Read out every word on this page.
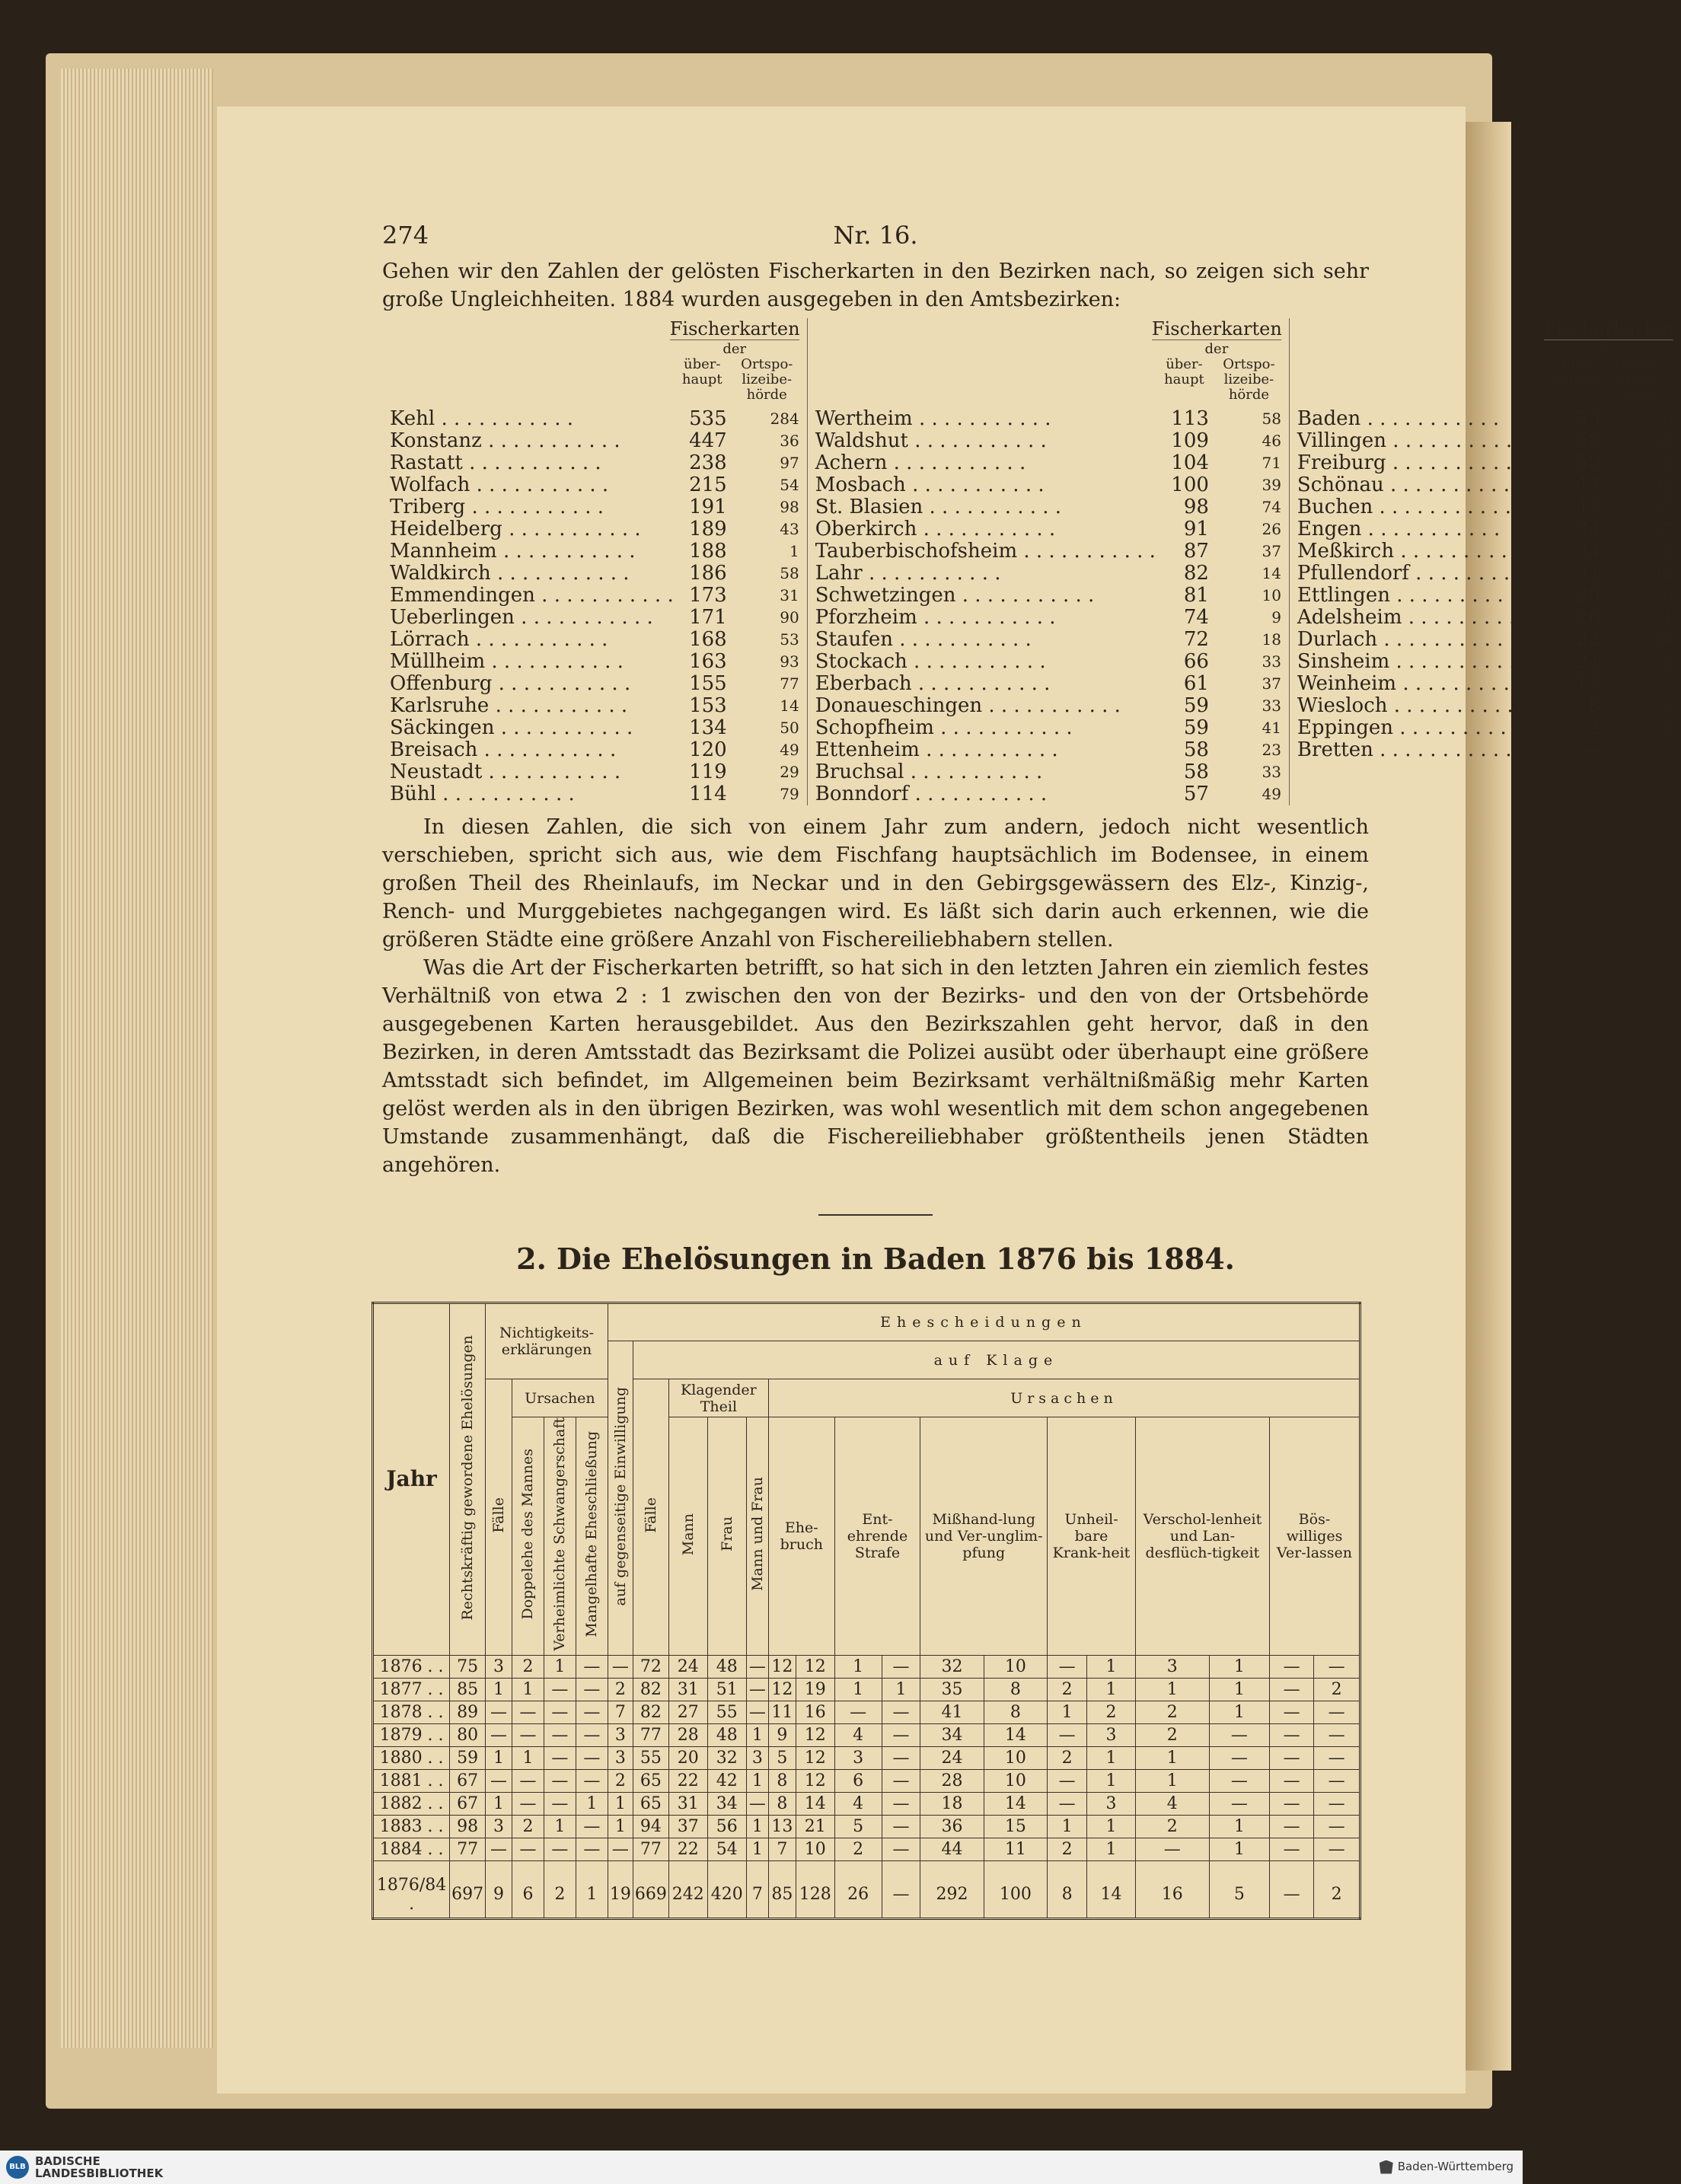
274	Nr. 16.

Gehen wir den Zahlen der gelösten Fischerkarten in den Bezirken nach, so zeigen sich sehr große Ungleichheiten. 1884 wurden ausgegeben in den Amtsbezirken:

Fischerkarten
der
über-haupt
Ortspo-lizeibe-hörde
Kehl . . .	535	284
Konstanz . . .	447	36
Rastatt . . .	238	97
Wolfach . . .	215	54
Triberg . . .	191	98
Heidelberg . . .	189	43
Mannheim . . .	188	1
Waldkirch . . .	186	58
Emmendingen . . .	173	31
Ueberlingen . . .	171	90
Lörrach . . .	168	53
Müllheim . . .	163	93
Offenburg . . .	155	77
Karlsruhe . . .	153	14
Säckingen . . .	134	50
Breisach . . .	120	49
Neustadt . . .	119	29
Bühl . . .	114	79
Fischerkarten
der
über-haupt
Ortspo-lizeibe-hörde
Wertheim . . .	113	58
Waldshut . . .	109	46
Achern . . .	104	71
Mosbach . . .	100	39
St. Blasien . . .	98	74
Oberkirch . . .	91	26
Tauberbischofsheim . . .	87	37
Lahr . . .	82	14
Schwetzingen . . .	81	10
Pforzheim . . .	74	9
Staufen . . .	72	18
Stockach . . .	66	33
Eberbach . . .	61	37
Donaueschingen . . .	59	33
Schopfheim . . .	59	41
Ettenheim . . .	58	23
Bruchsal . . .	58	33
Bonndorf . . .	57	49
Fischerkarten
der
über-haupt
Ortspo-lizeibe-hörde
Baden . . .	55	6
Villingen . . .	50	14
Freiburg . . .	50	8
Schönau . . .	47	22
Buchen . . .	43	27
Engen . . .	34	27
Meßkirch . . .	34	2
Pfullendorf . . .	31	12
Ettlingen . . .	29	9
Adelsheim . . .	26	1
Durlach . . .	22	14
Sinsheim . . .	21	8
Weinheim . . .	17	7
Wiesloch . . .	8	8
Eppingen . . .	2	2
Bretten . . .	—	—

In diesen Zahlen, die sich von einem Jahr zum andern, jedoch nicht wesentlich verschieben, spricht sich aus, wie dem Fischfang hauptsächlich im Bodensee, in einem großen Theil des Rheinlaufs, im Neckar und in den Gebirgsgewässern des Elz-, Kinzig-, Rench- und Murggebietes nachgegangen wird. Es läßt sich darin auch erkennen, wie die größeren Städte eine größere Anzahl von Fischereiliebhabern stellen.

Was die Art der Fischerkarten betrifft, so hat sich in den letzten Jahren ein ziemlich festes Verhältniß von etwa 2 : 1 zwischen den von der Bezirks- und den von der Ortsbehörde ausgegebenen Karten herausgebildet. Aus den Bezirkszahlen geht hervor, daß in den Bezirken, in deren Amtsstadt das Bezirksamt die Polizei ausübt oder überhaupt eine größere Amtsstadt sich befindet, im Allgemeinen beim Bezirksamt verhältnißmäßig mehr Karten gelöst werden als in den übrigen Bezirken, was wohl wesentlich mit dem schon angegebenen Umstande zusammenhängt, daß die Fischereiliebhaber größtentheils jenen Städten angehören.

2. Die Ehelösungen in Baden 1876 bis 1884.
Jahr	Rechtskräftig gewordene Ehelösungen	Nichtigkeits-erklärungen				Ehescheidungen																
						auf gegenseitige Einwilligung	auf Klage															
		Fälle	Ursachen				Fälle	Klagender Theil			Ursachen											
			Doppelehe des Mannes	Verheimlichte Schwangerschaft	Mangelhafte Eheschließung			Mann	Frau	Mann und Frau	Ehe-bruch		Ent-ehrende Strafe		Mißhand-lung und Ver-unglim-pfung		Unheil-bare Krank-heit		Verschol-lenheit und Lan-desflüch-tigkeit		Bös-williges Ver-lassen	
1876 . .	75	3	2	1	—	—	72	24	48	—	12	12	1	—	32	10	—	1	3	1	—	—
1877 . .	85	1	1	—	—	2	82	31	51	—	12	19	1	1	35	8	2	1	1	1	—	2
1878 . .	89	—	—	—	—	7	82	27	55	—	11	16	—	—	41	8	1	2	2	1	—	—
1879 . .	80	—	—	—	—	3	77	28	48	1	9	12	4	—	34	14	—	3	2	—	—	—
1880 . .	59	1	1	—	—	3	55	20	32	3	5	12	3	—	24	10	2	1	1	—	—	—
1881 . .	67	—	—	—	—	2	65	22	42	1	8	12	6	—	28	10	—	1	1	—	—	—
1882 . .	67	1	—	—	1	1	65	31	34	—	8	14	4	—	18	14	—	3	4	—	—	—
1883 . .	98	3	2	1	—	1	94	37	56	1	13	21	5	—	36	15	1	1	2	1	—	—
1884 . .	77	—	—	—	—	—	77	22	54	1	7	10	2	—	44	11	2	1	—	1	—	—
1876/84 .	697	9	6	2	1	19	669	242	420	7	85	128	26	—	292	100	8	14	16	5	—	2
BLB BADISCHE
LANDESBIBLIOTHEK	Baden-Württemberg
